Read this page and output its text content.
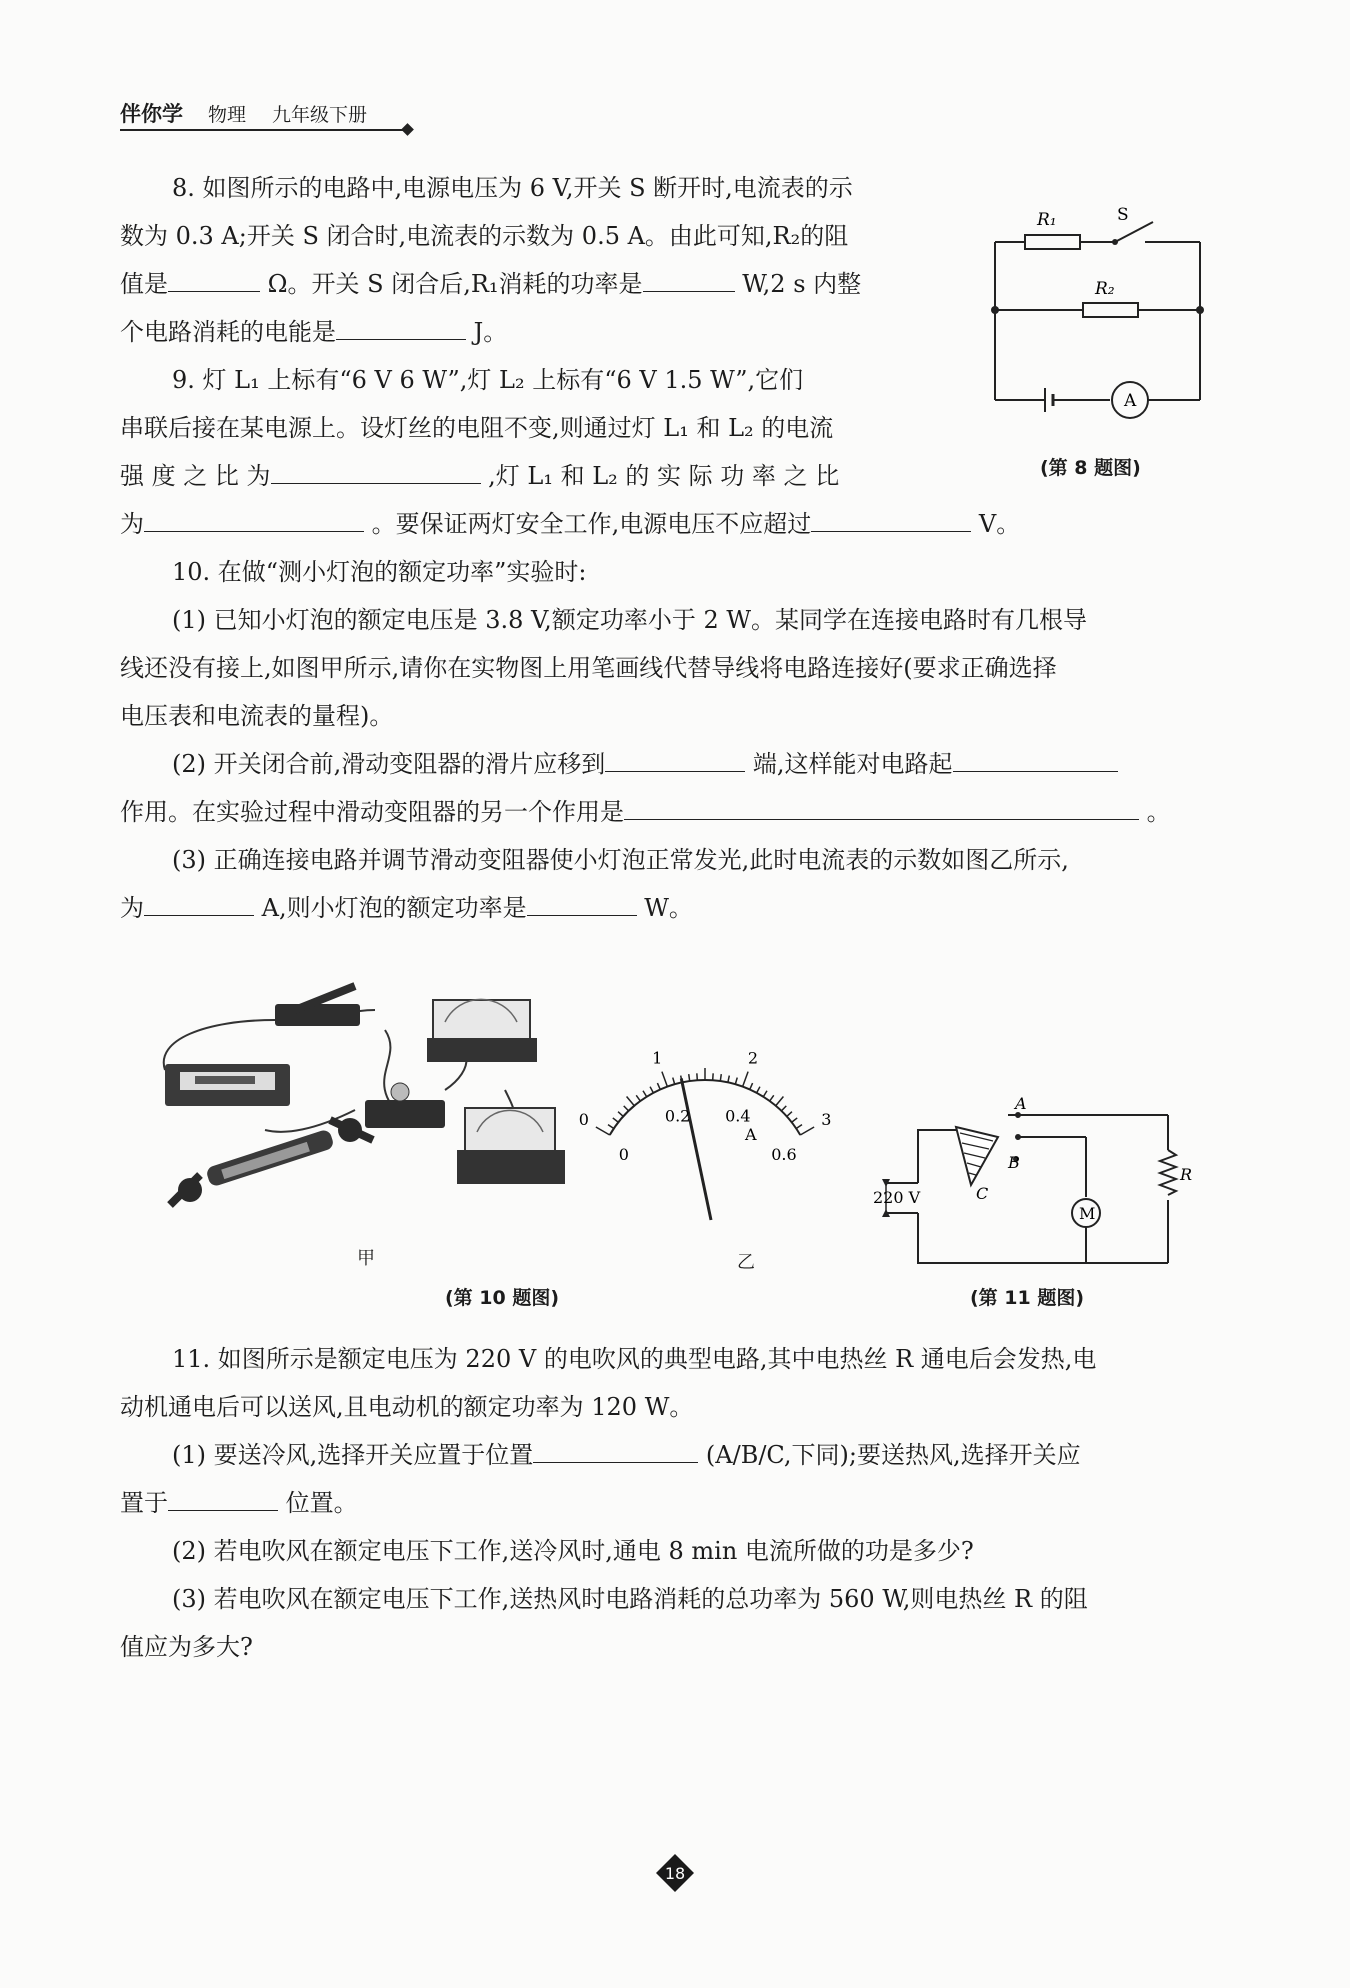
伴你学 物理 九年级下册
8. 如图所示的电路中,电源电压为 6 V,开关 S 断开时,电流表的示
数为 0.3 A;开关 S 闭合时,电流表的示数为 0.5 A。由此可知,R₂的阻
值是	Ω。开关 S 闭合后,R₁消耗的功率是	W,2 s 内整
个电路消耗的电能是	J。
R₁	S
R₂
A
(第 8 题图)
9. 灯 L₁ 上标有“6 V 6 W”,灯 L₂ 上标有“6 V 1.5 W”,它们
串联后接在某电源上。设灯丝的电阻不变,则通过灯 L₁ 和 L₂ 的电流
强 度 之 比 为	,灯 L₁ 和 L₂ 的 实 际 功 率 之 比
为	。要保证两灯安全工作,电源电压不应超过	V。
10. 在做“测小灯泡的额定功率”实验时:
(1) 已知小灯泡的额定电压是 3.8 V,额定功率小于 2 W。某同学在连接电路时有几根导
线还没有接上,如图甲所示,请你在实物图上用笔画线代替导线将电路连接好(要求正确选择
电压表和电流表的量程)。
(2) 开关闭合前,滑动变阻器的滑片应移到	端,这样能对电路起
作用。在实验过程中滑动变阻器的另一个作用是	。
(3) 正确连接电路并调节滑动变阻器使小灯泡正常发光,此时电流表的示数如图乙所示,
为	A,则小灯泡的额定功率是	W。
甲
0
1	2
3
0
0.2 0.4
0.6
A
乙
(第 10 题图)
A
B
C
220 V
M
R
(第 11 题图)
11. 如图所示是额定电压为 220 V 的电吹风的典型电路,其中电热丝 R 通电后会发热,电
动机通电后可以送风,且电动机的额定功率为 120 W。
(1) 要送冷风,选择开关应置于位置	(A/B/C,下同);要送热风,选择开关应
置于	位置。
(2) 若电吹风在额定电压下工作,送冷风时,通电 8 min 电流所做的功是多少?
(3) 若电吹风在额定电压下工作,送热风时电路消耗的总功率为 560 W,则电热丝 R 的阻
值应为多大?
18
